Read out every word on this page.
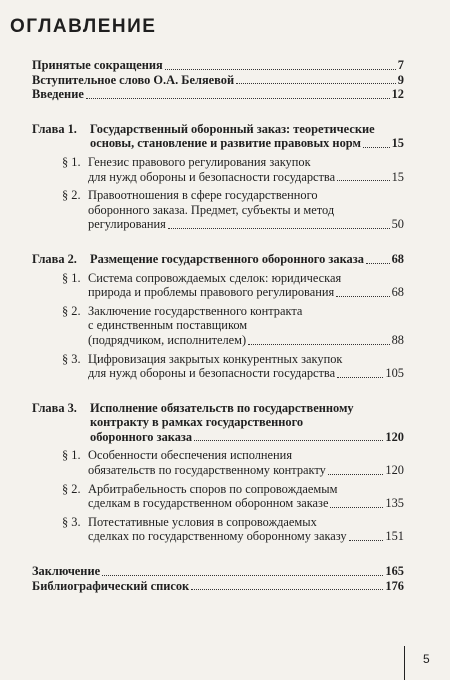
ОГЛАВЛЕНИЕ
Принятые сокращения	7
Вступительное слово О.А. Беляевой	9
Введение	12
Глава 1.	Государственный оборонный заказ: теоретические
основы, становление и развитие правовых норм 15
§ 1. Генезис правового регулирования закупок
для нужд обороны и безопасности государства	15
§ 2. Правоотношения в сфере государственного
оборонного заказа. Предмет, субъекты и метод
регулирования	50
Глава 2.	Размещение государственного оборонного заказа 68
§ 1. Система сопровождаемых сделок: юридическая
природа и проблемы правового регулирования	68
§ 2. Заключение государственного контракта
с единственным поставщиком
(подрядчиком, исполнителем)	88
§ 3. Цифровизация закрытых конкурентных закупок
для нужд обороны и безопасности государства	105
Глава 3.	Исполнение обязательств по государственному
контракту в рамках государственного
оборонного заказа	120
§ 1. Особенности обеспечения исполнения
обязательств по государственному контракту	120
§ 2. Арбитрабельность споров по сопровождаемым
сделкам в государственном оборонном заказе	135
§ 3. Потестативные условия в сопровождаемых
сделках по государственному оборонному заказу	151
Заключение	165
Библиографический список	176
5
